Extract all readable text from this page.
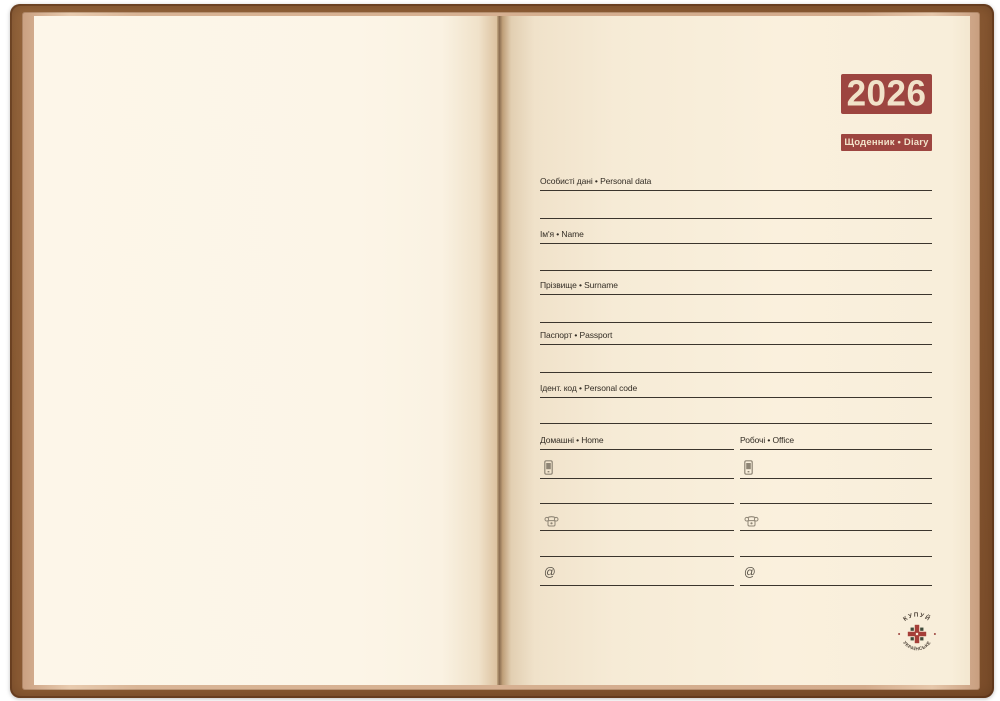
2026
Щоденник • Diary
Особисті дані • Personal data
Ім'я • Name
Прізвище • Surname
Паспорт • Passport
Ідент. код • Personal code
Домашні • Home	Робочі • Office
@	@
КУПУЙ
УКРАЇНСЬКЕ
